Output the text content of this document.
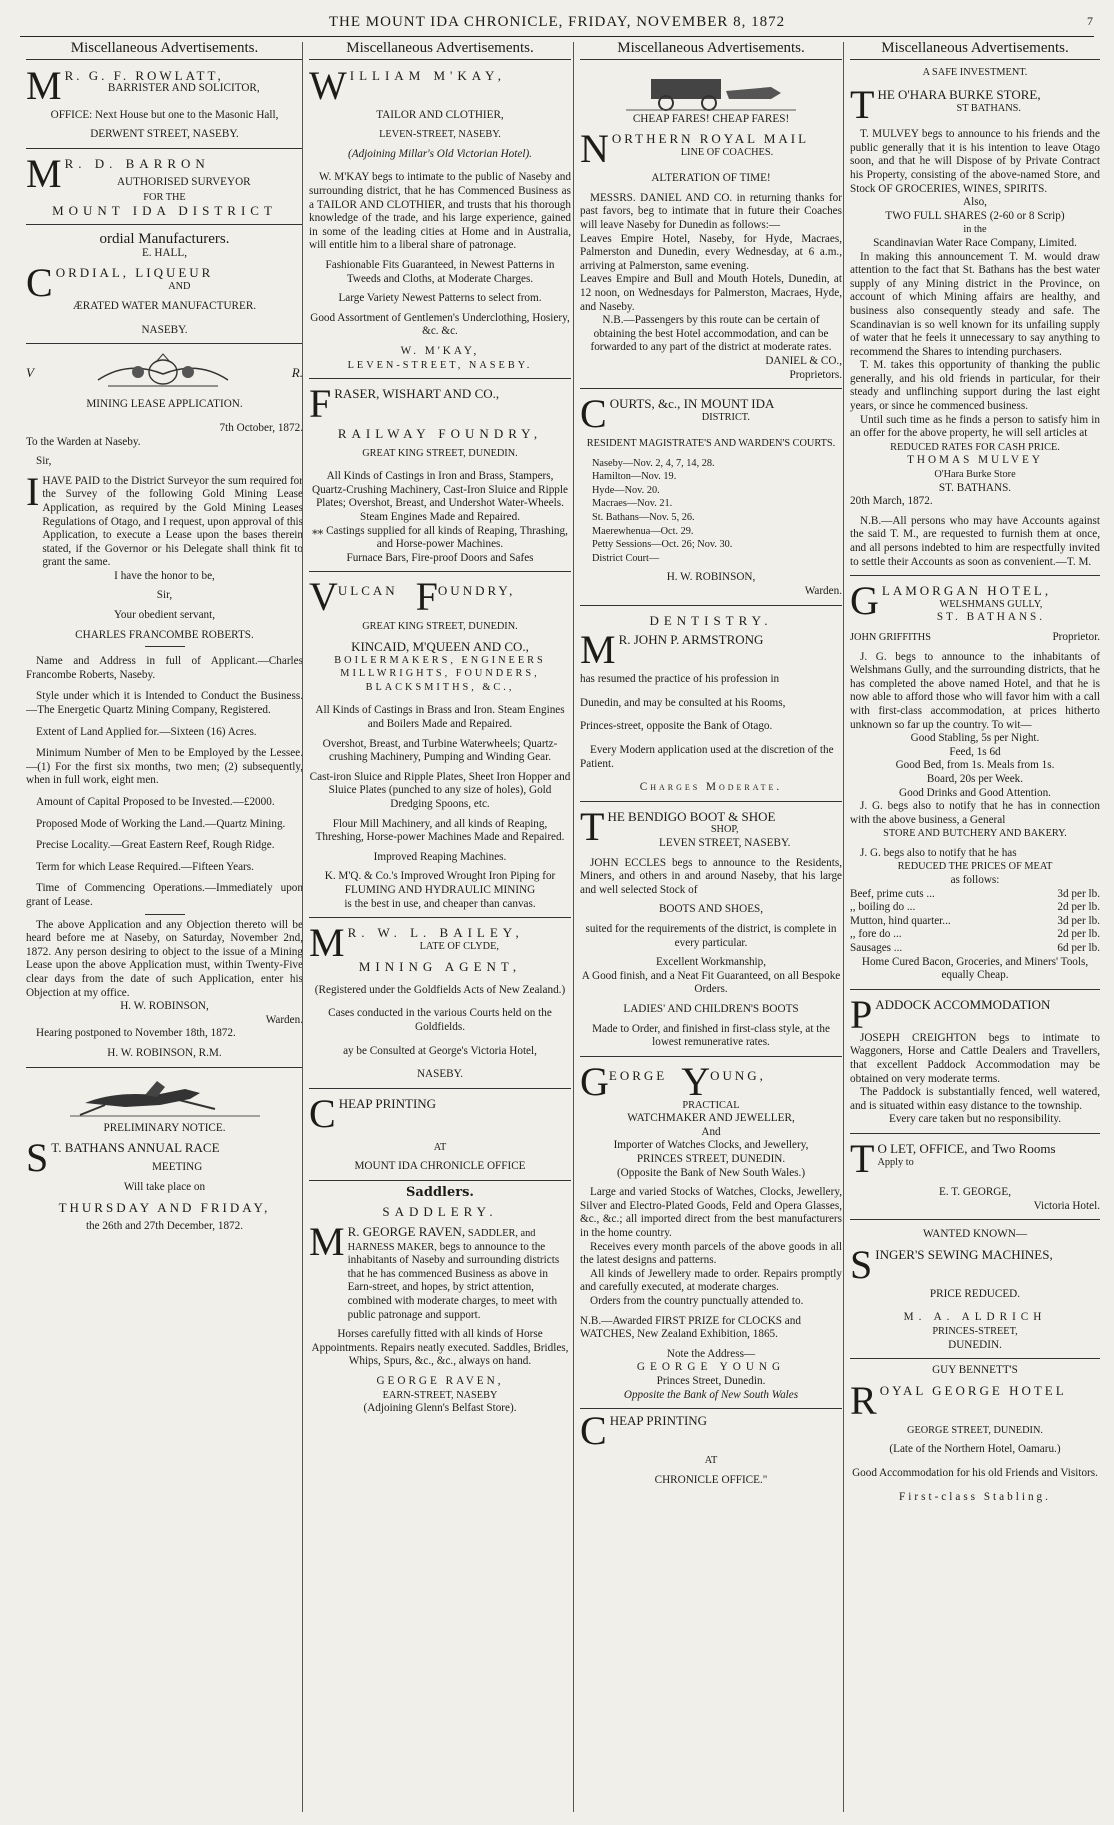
THE MOUNT IDA CHRONICLE, FRIDAY, NOVEMBER 8, 1872	7
Miscellaneous Advertisements.
M R. G. F. ROWLATT,
BARRISTER AND SOLICITOR,
OFFICE: Next House but one to the Masonic Hall,
DERWENT STREET, NASEBY.
M R. D. BARRON
AUTHORISED SURVEYOR
FOR THE
MOUNT IDA DISTRICT
ordial Manufacturers.
E. HALL,
C ORDIAL, LIQUEUR
AND
ÆRATED WATER MANUFACTURER.
NASEBY.
V	R.
MINING LEASE APPLICATION.
7th October, 1872.
To the Warden at Naseby.
Sir,
I HAVE PAID to the District Surveyor the sum required for the Survey of the following Gold Mining Lease Application, as required by the Gold Mining Leases Regulations of Otago, and I request, upon approval of this Application, to execute a Lease upon the bases therein stated, if the Governor or his Delegate shall think fit to grant the same.
I have the honor to be,
Sir,
Your obedient servant,
CHARLES FRANCOMBE ROBERTS.
Name and Address in full of Applicant.—Charles Francombe Roberts, Naseby.
Style under which it is Intended to Conduct the Business.—The Energetic Quartz Mining Company, Registered.
Extent of Land Applied for.—Sixteen (16) Acres.
Minimum Number of Men to be Employed by the Lessee.—(1) For the first six months, two men; (2) subsequently, when in full work, eight men.
Amount of Capital Proposed to be Invested.—£2000.
Proposed Mode of Working the Land.—Quartz Mining.
Precise Locality.—Great Eastern Reef, Rough Ridge.
Term for which Lease Required.—Fifteen Years.
Time of Commencing Operations.—Immediately upon grant of Lease.
The above Application and any Objection thereto will be heard before me at Naseby, on Saturday, November 2nd, 1872. Any person desiring to object to the issue of a Mining Lease upon the above Application must, within Twenty-Five clear days from the date of such Application, enter his Objection at my office.
H. W. ROBINSON,
Warden.
Hearing postponed to November 18th, 1872.
H. W. ROBINSON, R.M.
PRELIMINARY NOTICE.
S T. BATHANS ANNUAL RACE
MEETING
Will take place on
THURSDAY AND FRIDAY,
the 26th and 27th December, 1872.
Miscellaneous Advertisements.
W ILLIAM M'KAY,
TAILOR AND CLOTHIER,
LEVEN-STREET, NASEBY.
(Adjoining Millar's Old Victorian Hotel).
W. M'KAY begs to intimate to the public of Naseby and surrounding district, that he has Commenced Business as a TAILOR AND CLOTHIER, and trusts that his thorough knowledge of the trade, and his large experience, gained in some of the leading cities at Home and in Australia, will entitle him to a liberal share of patronage.
Fashionable Fits Guaranteed, in Newest Patterns in Tweeds and Cloths, at Moderate Charges.
Large Variety Newest Patterns to select from.
Good Assortment of Gentlemen's Underclothing, Hosiery, &c. &c.
W. M'KAY,
LEVEN-STREET, NASEBY.
F RASER, WISHART AND CO.,
RAILWAY FOUNDRY,
GREAT KING STREET, DUNEDIN.
All Kinds of Castings in Iron and Brass, Stampers, Quartz-Crushing Machinery, Cast-Iron Sluice and Ripple Plates; Overshot, Breast, and Undershot Water-Wheels.
Steam Engines Made and Repaired.
⁎⁎ Castings supplied for all kinds of Reaping, Thrashing, and Horse-power Machines.
Furnace Bars, Fire-proof Doors and Safes
V ULCAN F OUNDRY,
GREAT KING STREET, DUNEDIN.
KINCAID, M'QUEEN AND CO.,
BOILERMAKERS, ENGINEERS MILLWRIGHTS, FOUNDERS, BLACKSMITHS, &C.,
All Kinds of Castings in Brass and Iron. Steam Engines and Boilers Made and Repaired.
Overshot, Breast, and Turbine Waterwheels; Quartz-crushing Machinery, Pumping and Winding Gear.
Cast-iron Sluice and Ripple Plates, Sheet Iron Hopper and Sluice Plates (punched to any size of holes), Gold Dredging Spoons, etc.
Flour Mill Machinery, and all kinds of Reaping, Threshing, Horse-power Machines Made and Repaired.
Improved Reaping Machines.
K. M'Q. & Co.'s Improved Wrought Iron Piping for
FLUMING AND HYDRAULIC MINING
is the best in use, and cheaper than canvas.
M R. W. L. BAILEY,
LATE OF CLYDE,
MINING AGENT,
(Registered under the Goldfields Acts of New Zealand.)
Cases conducted in the various Courts held on the Goldfields.
ay be Consulted at George's Victoria Hotel,
NASEBY.
C HEAP PRINTING
AT
MOUNT IDA CHRONICLE OFFICE
Saddlers.
SADDLERY.
M R. GEORGE RAVEN, SADDLER, and HARNESS MAKER, begs to announce to the inhabitants of Naseby and surrounding districts that he has commenced Business as above in Earn-street, and hopes, by strict attention, combined with moderate charges, to meet with public patronage and support.
Horses carefully fitted with all kinds of Horse Appointments. Repairs neatly executed. Saddles, Bridles, Whips, Spurs, &c., &c., always on hand.
GEORGE RAVEN,
EARN-STREET, NASEBY
(Adjoining Glenn's Belfast Store).
Miscellaneous Advertisements.
CHEAP FARES! CHEAP FARES!
N ORTHERN ROYAL MAIL
LINE OF COACHES.
ALTERATION OF TIME!
MESSRS. DANIEL AND CO. in returning thanks for past favors, beg to intimate that in future their Coaches will leave Naseby for Dunedin as follows:—
Leaves Empire Hotel, Naseby, for Hyde, Macraes, Palmerston and Dunedin, every Wednesday, at 6 a.m., arriving at Palmerston, same evening.
Leaves Empire and Bull and Mouth Hotels, Dunedin, at 12 noon, on Wednesdays for Palmerston, Macraes, Hyde, and Naseby.
N.B.—Passengers by this route can be certain of obtaining the best Hotel accommodation, and can be forwarded to any part of the district at moderate rates.
DANIEL & CO.,
Proprietors.
C OURTS, &c., IN MOUNT IDA
DISTRICT.
RESIDENT MAGISTRATE'S AND WARDEN'S COURTS.
Naseby—Nov. 2, 4, 7, 14, 28.
Hamilton—Nov. 19.
Hyde—Nov. 20.
Macraes—Nov. 21.
St. Bathans—Nov. 5, 26.
Maerewhenua—Oct. 29.
Petty Sessions—Oct. 26; Nov. 30.
District Court—
H. W. ROBINSON,
Warden.
DENTISTRY.
M R. JOHN P. ARMSTRONG
has resumed the practice of his profession in
Dunedin, and may be consulted at his Rooms,
Princes-street, opposite the Bank of Otago.
Every Modern application used at the discretion of the Patient.
Charges Moderate.
T HE BENDIGO BOOT & SHOE
SHOP,
LEVEN STREET, NASEBY.
JOHN ECCLES begs to announce to the Residents, Miners, and others in and around Naseby, that his large and well selected Stock of
BOOTS AND SHOES,
suited for the requirements of the district, is complete in every particular.
Excellent Workmanship,
A Good finish, and a Neat Fit Guaranteed, on all Bespoke Orders.
LADIES' AND CHILDREN'S BOOTS
Made to Order, and finished in first-class style, at the lowest remunerative rates.
G EORGE Y OUNG,
PRACTICAL
WATCHMAKER AND JEWELLER,
And
Importer of Watches Clocks, and Jewellery,
PRINCES STREET, DUNEDIN.
(Opposite the Bank of New South Wales.)
Large and varied Stocks of Watches, Clocks, Jewellery, Silver and Electro-Plated Goods, Feld and Opera Glasses, &c., &c.; all imported direct from the best manufacturers in the home country.
Receives every month parcels of the above goods in all the latest designs and patterns.
All kinds of Jewellery made to order. Repairs promptly and carefully executed, at moderate charges.
Orders from the country punctually attended to.
N.B.—Awarded FIRST PRIZE for CLOCKS and WATCHES, New Zealand Exhibition, 1865.
Note the Address—
GEORGE YOUNG
Princes Street, Dunedin.
Opposite the Bank of New South Wales
C HEAP PRINTING
AT
CHRONICLE OFFICE."
Miscellaneous Advertisements.
A SAFE INVESTMENT.
T HE O'HARA BURKE STORE,
ST BATHANS.
T. MULVEY begs to announce to his friends and the public generally that it is his intention to leave Otago soon, and that he will Dispose of by Private Contract his Property, consisting of the above-named Store, and Stock OF GROCERIES, WINES, SPIRITS.
Also,
TWO FULL SHARES (2-60 or 8 Scrip)
in the
Scandinavian Water Race Company, Limited.
In making this announcement T. M. would draw attention to the fact that St. Bathans has the best water supply of any Mining district in the Province, on account of which Mining affairs are healthy, and business also consequently steady and safe. The Scandinavian is so well known for its unfailing supply of water that he feels it unnecessary to say anything to recommend the Shares to intending purchasers.
T. M. takes this opportunity of thanking the public generally, and his old friends in particular, for their steady and unflinching support during the last eight years, or since he commenced business.
Until such time as he finds a person to satisfy him in an offer for the above property, he will sell articles at
REDUCED RATES FOR CASH PRICE.
THOMAS MULVEY
O'Hara Burke Store
ST. BATHANS.
20th March, 1872.
N.B.—All persons who may have Accounts against the said T. M., are requested to furnish them at once, and all persons indebted to him are respectfully invited to settle their Accounts as soon as convenient.—T. M.
G LAMORGAN HOTEL,
WELSHMANS GULLY,
ST. BATHANS.
JOHN GRIFFITHS	Proprietor.
J. G. begs to announce to the inhabitants of Welshmans Gully, and the surrounding districts, that he has completed the above named Hotel, and that he is now able to afford those who will favor him with a call with first-class accommodation, at prices hitherto unknown so far up the country. To wit—
Good Stabling, 5s per Night.
Feed, 1s 6d
Good Bed, from 1s. Meals from 1s.
Board, 20s per Week.
Good Drinks and Good Attention.
J. G. begs also to notify that he has in connection with the above business, a General
STORE AND BUTCHERY AND BAKERY.
J. G. begs also to notify that he has
REDUCED THE PRICES OF MEAT
as follows:
Beef, prime cuts ...	3d per lb.
,, boiling do ...	2d per lb.
Mutton, hind quarter...	3d per lb.
,, fore do ...	2d per lb.
Sausages ...	6d per lb.
Home Cured Bacon, Groceries, and Miners' Tools, equally Cheap.
P ADDOCK ACCOMMODATION
JOSEPH CREIGHTON begs to intimate to Waggoners, Horse and Cattle Dealers and Travellers, that excellent Paddock Accommodation may be obtained on very moderate terms.
The Paddock is substantially fenced, well watered, and is situated within easy distance to the township.
Every care taken but no responsibility.
T O LET, OFFICE, and Two Rooms
Apply to
E. T. GEORGE,
Victoria Hotel.
WANTED KNOWN—
S INGER'S SEWING MACHINES,
PRICE REDUCED.
M. A. ALDRICH
PRINCES-STREET,
DUNEDIN.
GUY BENNETT'S
R OYAL GEORGE HOTEL
GEORGE STREET, DUNEDIN.
(Late of the Northern Hotel, Oamaru.)
Good Accommodation for his old Friends and Visitors.
First-class Stabling.
